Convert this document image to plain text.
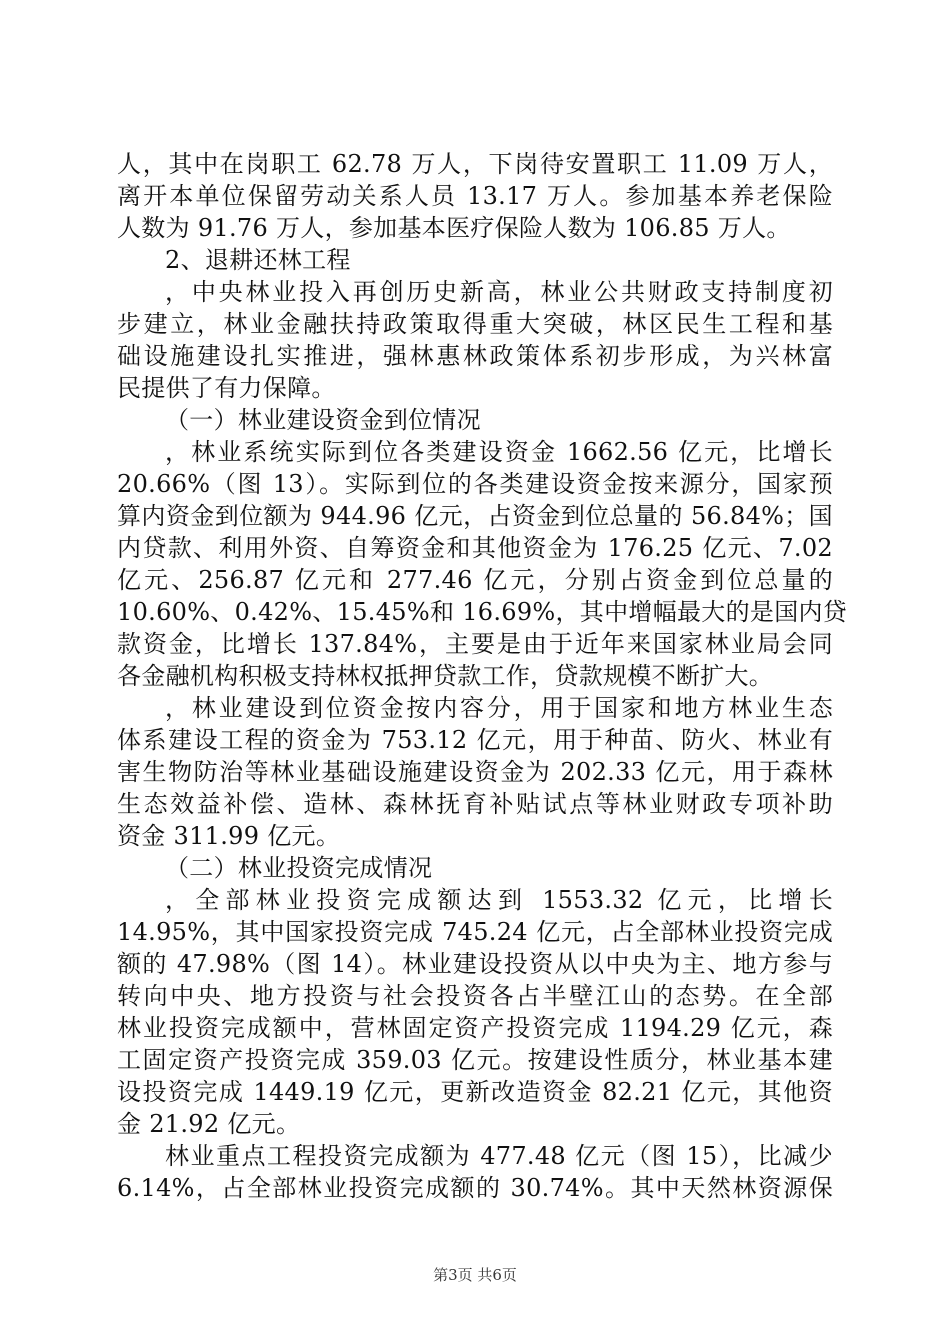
人，其中在岗职工 62.78 万人，下岗待安置职工 11.09 万人，
离开本单位保留劳动关系人员 13.17 万人。参加基本养老保险
人数为 91.76 万人，参加基本医疗保险人数为 106.85 万人。
2、退耕还林工程
，中央林业投入再创历史新高，林业公共财政支持制度初
步建立，林业金融扶持政策取得重大突破，林区民生工程和基
础设施建设扎实推进，强林惠林政策体系初步形成，为兴林富
民提供了有力保障。
（一）林业建设资金到位情况
，林业系统实际到位各类建设资金 1662.56 亿元，比增长
20.66%（图 13）。实际到位的各类建设资金按来源分，国家预
算内资金到位额为 944.96 亿元，占资金到位总量的 56.84%；国
内贷款、利用外资、自筹资金和其他资金为 176.25 亿元、7.02
亿元、256.87 亿元和 277.46 亿元，分别占资金到位总量的
10.60%、0.42%、15.45%和 16.69%，其中增幅最大的是国内贷
款资金，比增长 137.84%，主要是由于近年来国家林业局会同
各金融机构积极支持林权抵押贷款工作，贷款规模不断扩大。
，林业建设到位资金按内容分，用于国家和地方林业生态
体系建设工程的资金为 753.12 亿元，用于种苗、防火、林业有
害生物防治等林业基础设施建设资金为 202.33 亿元，用于森林
生态效益补偿、造林、森林抚育补贴试点等林业财政专项补助
资金 311.99 亿元。
（二）林业投资完成情况
，全部林业投资完成额达到 1553.32 亿元，比增长
14.95%，其中国家投资完成 745.24 亿元，占全部林业投资完成
额的 47.98%（图 14）。林业建设投资从以中央为主、地方参与
转向中央、地方投资与社会投资各占半壁江山的态势。在全部
林业投资完成额中，营林固定资产投资完成 1194.29 亿元，森
工固定资产投资完成 359.03 亿元。按建设性质分，林业基本建
设投资完成 1449.19 亿元，更新改造资金 82.21 亿元，其他资
金 21.92 亿元。
林业重点工程投资完成额为 477.48 亿元（图 15），比减少
6.14%，占全部林业投资完成额的 30.74%。其中天然林资源保
第3页 共6页
